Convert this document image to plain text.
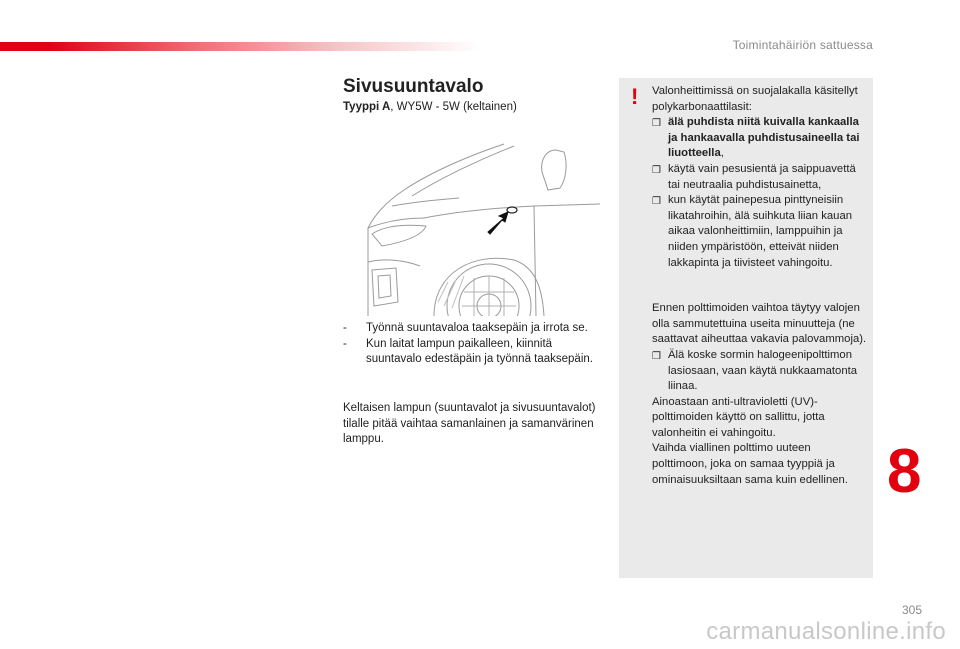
Toimintahäiriön sattuessa
Sivusuuntavalo
Tyyppi A, WY5W - 5W (keltainen)
-	Työnnä suuntavaloa taaksepäin ja irrota se.
-	Kun laitat lampun paikalleen, kiinnitä suuntavalo edestäpäin ja työnnä taaksepäin.
Keltaisen lampun (suuntavalot ja sivusuuntavalot) tilalle pitää vaihtaa samanlainen ja samanvärinen lamppu.
! Valonheittimissä on suojalakalla käsitellyt polykarbonaattilasit:

❒ älä puhdista niitä kuivalla kankaalla ja hankaavalla puhdistusaineella tai liuotteella,
❒ käytä vain pesusientä ja saippuavettä tai neutraalia puhdistusainetta,
❒ kun käytät painepesua pinttyneisiin likatahroihin, älä suihkuta liian kauan aikaa valonheittimiin, lamppuihin ja niiden ympäristöön, etteivät niiden lakkapinta ja tiivisteet vahingoitu.

Ennen polttimoiden vaihtoa täytyy valojen olla sammutettuina useita minuutteja (ne saattavat aiheuttaa vakavia palovammoja).

❒ Älä koske sormin halogeenipolttimon lasiosaan, vaan käytä nukkaamatonta liinaa.

Ainoastaan anti-ultravioletti (UV)-polttimoiden käyttö on sallittu, jotta valonheitin ei vahingoitu.

Vaihda viallinen polttimo uuteen polttimoon, joka on samaa tyyppiä ja ominaisuuksiltaan sama kuin edellinen. 8
305
carmanualsonline.info
